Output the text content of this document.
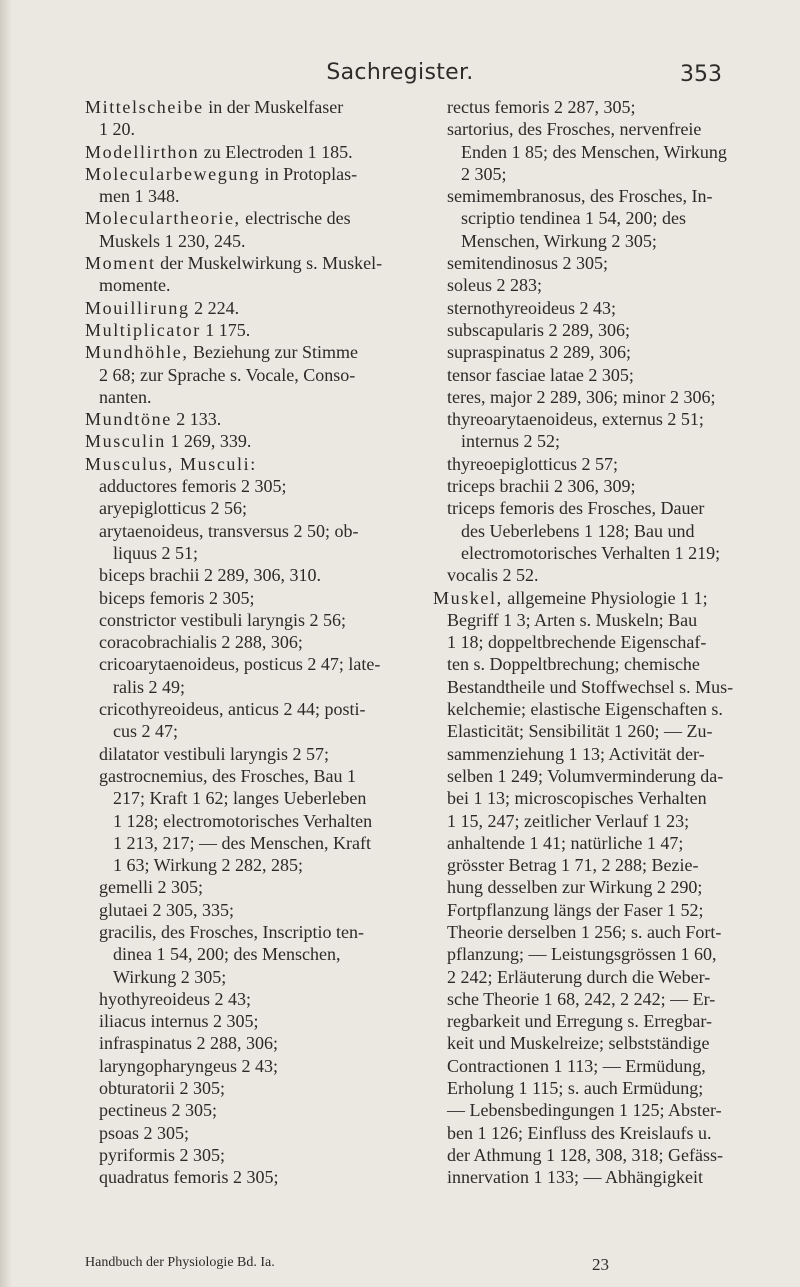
Sachregister.	353
Mittelscheibe in der Muskelfaser
1 20.
Modellirthon zu Electroden 1 185.
Molecularbewegung in Protoplas-
men 1 348.
Moleculartheorie, electrische des
Muskels 1 230, 245.
Moment der Muskelwirkung s. Muskel-
momente.
Mouillirung 2 224.
Multiplicator 1 175.
Mundhöhle, Beziehung zur Stimme
2 68; zur Sprache s. Vocale, Conso-
nanten.
Mundtöne 2 133.
Musculin 1 269, 339.
Musculus, Musculi:
adductores femoris 2 305;
aryepiglotticus 2 56;
arytaenoideus, transversus 2 50; ob-
liquus 2 51;
biceps brachii 2 289, 306, 310.
biceps femoris 2 305;
constrictor vestibuli laryngis 2 56;
coracobrachialis 2 288, 306;
cricoarytaenoideus, posticus 2 47; late-
ralis 2 49;
cricothyreoideus, anticus 2 44; posti-
cus 2 47;
dilatator vestibuli laryngis 2 57;
gastrocnemius, des Frosches, Bau 1
217; Kraft 1 62; langes Ueberleben
1 128; electromotorisches Verhalten
1 213, 217; — des Menschen, Kraft
1 63; Wirkung 2 282, 285;
gemelli 2 305;
glutaei 2 305, 335;
gracilis, des Frosches, Inscriptio ten-
dinea 1 54, 200; des Menschen,
Wirkung 2 305;
hyothyreoideus 2 43;
iliacus internus 2 305;
infraspinatus 2 288, 306;
laryngopharyngeus 2 43;
obturatorii 2 305;
pectineus 2 305;
psoas 2 305;
pyriformis 2 305;
quadratus femoris 2 305;
rectus femoris 2 287, 305;
sartorius, des Frosches, nervenfreie
Enden 1 85; des Menschen, Wirkung
2 305;
semimembranosus, des Frosches, In-
scriptio tendinea 1 54, 200; des
Menschen, Wirkung 2 305;
semitendinosus 2 305;
soleus 2 283;
sternothyreoideus 2 43;
subscapularis 2 289, 306;
supraspinatus 2 289, 306;
tensor fasciae latae 2 305;
teres, major 2 289, 306; minor 2 306;
thyreoarytaenoideus, externus 2 51;
internus 2 52;
thyreoepiglotticus 2 57;
triceps brachii 2 306, 309;
triceps femoris des Frosches, Dauer
des Ueberlebens 1 128; Bau und
electromotorisches Verhalten 1 219;
vocalis 2 52.
Muskel, allgemeine Physiologie 1 1;
Begriff 1 3; Arten s. Muskeln; Bau
1 18; doppeltbrechende Eigenschaf-
ten s. Doppeltbrechung; chemische
Bestandtheile und Stoffwechsel s. Mus-
kelchemie; elastische Eigenschaften s.
Elasticität; Sensibilität 1 260; — Zu-
sammenziehung 1 13; Activität der-
selben 1 249; Volumverminderung da-
bei 1 13; microscopisches Verhalten
1 15, 247; zeitlicher Verlauf 1 23;
anhaltende 1 41; natürliche 1 47;
grösster Betrag 1 71, 2 288; Bezie-
hung desselben zur Wirkung 2 290;
Fortpflanzung längs der Faser 1 52;
Theorie derselben 1 256; s. auch Fort-
pflanzung; — Leistungsgrössen 1 60,
2 242; Erläuterung durch die Weber-
sche Theorie 1 68, 242, 2 242; — Er-
regbarkeit und Erregung s. Erregbar-
keit und Muskelreize; selbstständige
Contractionen 1 113; — Ermüdung,
Erholung 1 115; s. auch Ermüdung;
— Lebensbedingungen 1 125; Abster-
ben 1 126; Einfluss des Kreislaufs u.
der Athmung 1 128, 308, 318; Gefäss-
innervation 1 133; — Abhängigkeit
Handbuch der Physiologie Bd. Ia.	23
